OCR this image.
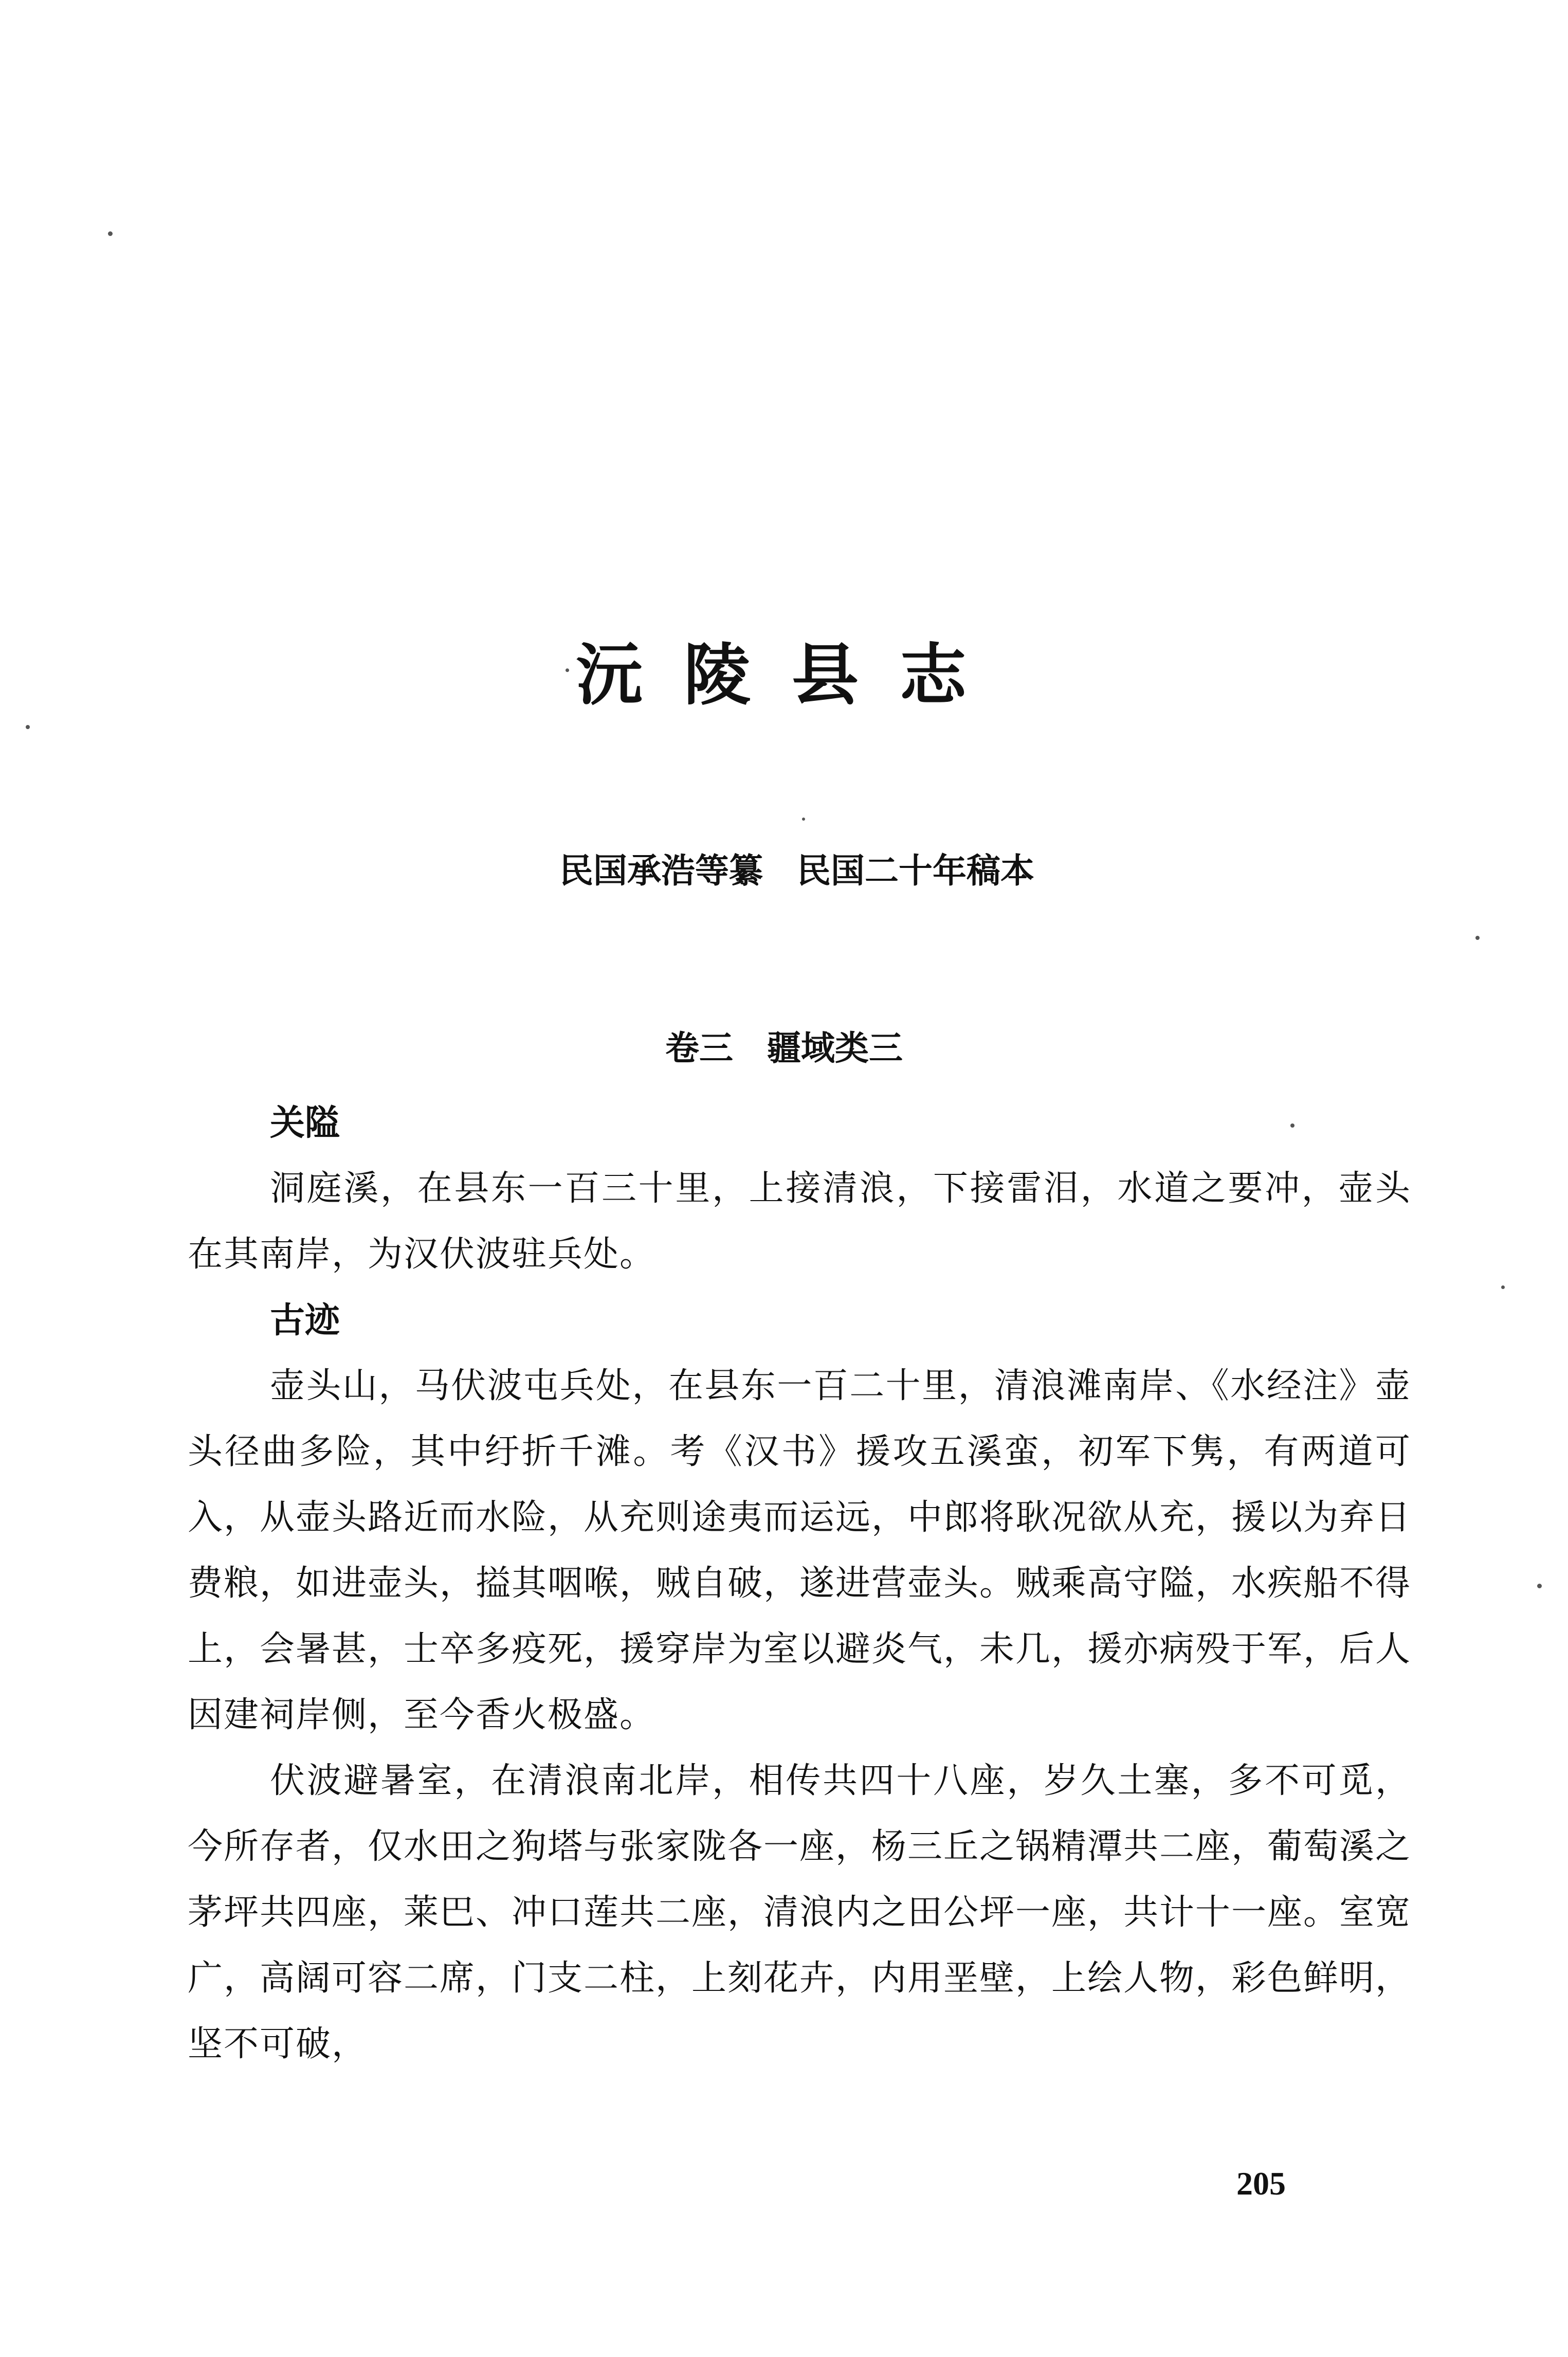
沅陵县志

民国承浩等纂　民国二十年稿本

卷三　疆域类三
关隘

洞庭溪，在县东一百三十里，上接清浪，下接雷泪，水道之要冲，壶头在其南岸，为汉伏波驻兵处。

古迹

壶头山，马伏波屯兵处，在县东一百二十里，清浪滩南岸、《水经注》壶头径曲多险，其中纡折千滩。考《汉书》援攻五溪蛮，初军下隽，有两道可入，从壶头路近而水险，从充则途夷而运远，中郎将耿况欲从充，援以为弃日费粮，如进壶头，搤其咽喉，贼自破，遂进营壶头。贼乘高守隘，水疾船不得上，会暑甚，士卒多疫死，援穿岸为室以避炎气，未几，援亦病殁于军，后人因建祠岸侧，至今香火极盛。

伏波避暑室，在清浪南北岸，相传共四十八座，岁久土塞，多不可觅，今所存者，仅水田之狗塔与张家陇各一座，杨三丘之锅精潭共二座，葡萄溪之茅坪共四座，莱巴、冲口莲共二座，清浪内之田公坪一座，共计十一座。室宽广，高阔可容二席，门支二柱，上刻花卉，内用垩壁，上绘人物，彩色鲜明，坚不可破，

205
